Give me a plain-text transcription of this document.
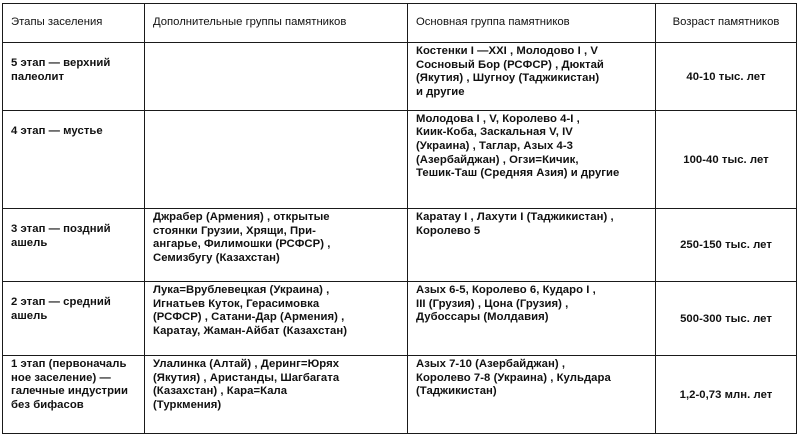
Этапы заселения	Дополнительные группы памятников	Основная группа памятников	Возраст памятников

5 этап — верхний
палеолит		Костенки I —XXI , Молодово I , V
Сосновый Бор (РСФСР) , Дюктай
(Якутия) , Шугноу (Таджикистан)
и другие	40-10 тыс. лет

4 этап — мустье		Молодова I , V, Королево 4-I ,
Киик-Коба, Заскальная V, IV
(Украина) , Таглар, Азых 4-3
(Азербайджан) , Огзи=Кичик,
Тешик-Таш (Средняя Азия) и другие	100-40 тыс. лет

3 этап — поздний
ашель	Джрабер (Армения) , открытые
стоянки Грузии, Хрящи, При-
ангарье, Филимошки (РСФСР) ,
Семизбугу (Казахстан)	Каратау I , Лахути I (Таджикистан) ,
Королево 5	250-150 тыс. лет

2 этап — средний
ашель	Лука=Врублевецкая (Украина) ,
Игнатьев Куток, Герасимовка
(РСФСР) , Сатани-Дар (Армения) ,
Каратау, Жаман-Айбат (Казахстан)	Азых 6-5, Королево 6, Кударо I ,
III (Грузия) , Цона (Грузия) ,
Дубоссары (Молдавия)	500-300 тыс. лет

1 этап (первоначаль
ное заселение) —
галечные индустрии
без бифасов	Улалинка (Алтай) , Деринг=Юрях
(Якутия) , Аристанды, Шагбагата
(Казахстан) , Кара=Кала
(Туркмения)	Азых 7-10 (Азербайджан) ,
Королево 7-8 (Украина) , Кульдара
(Таджикистан)	1,2-0,73 млн. лет
